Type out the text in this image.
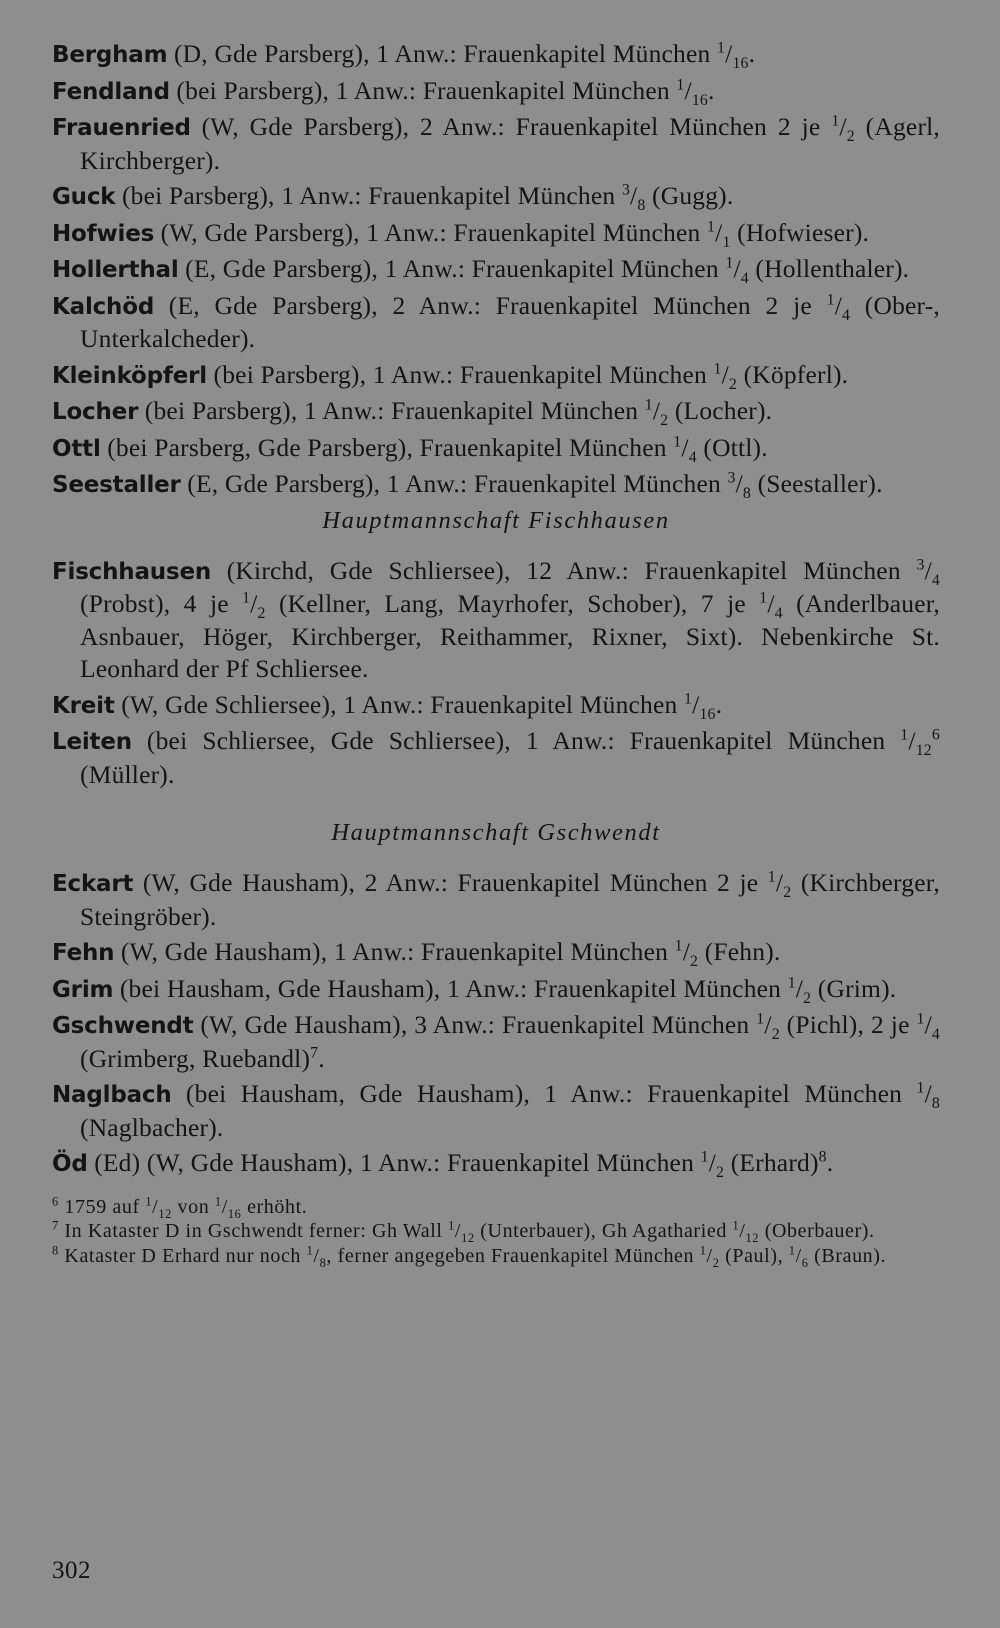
Bergham (D, Gde Parsberg), 1 Anw.: Frauenkapitel München $^1/_{16}$.

Fendland (bei Parsberg), 1 Anw.: Frauenkapitel München $^1/_{16}$.

Frauenried (W, Gde Parsberg), 2 Anw.: Frauenkapitel München 2 je $^1/_2$ (Agerl, Kirchberger).

Guck (bei Parsberg), 1 Anw.: Frauenkapitel München $^3/_8$ (Gugg).

Hofwies (W, Gde Parsberg), 1 Anw.: Frauenkapitel München $^1/_1$ (Hofwieser).

Hollerthal (E, Gde Parsberg), 1 Anw.: Frauenkapitel München $^1/_4$ (Hollenthaler).

Kalchöd (E, Gde Parsberg), 2 Anw.: Frauenkapitel München 2 je $^1/_4$ (Ober-, Unterkalcheder).

Kleinköpferl (bei Parsberg), 1 Anw.: Frauenkapitel München $^1/_2$ (Köpferl).

Locher (bei Parsberg), 1 Anw.: Frauenkapitel München $^1/_2$ (Locher).

Ottl (bei Parsberg, Gde Parsberg), Frauenkapitel München $^1/_4$ (Ottl).

Seestaller (E, Gde Parsberg), 1 Anw.: Frauenkapitel München $^3/_8$ (Seestaller).

Hauptmannschaft Fischhausen

Fischhausen (Kirchd, Gde Schliersee), 12 Anw.: Frauenkapitel München $^3/_4$ (Probst), 4 je $^1/_2$ (Kellner, Lang, Mayrhofer, Schober), 7 je $^1/_4$ (Anderlbauer, Asnbauer, Höger, Kirchberger, Reithammer, Rixner, Sixt). Nebenkirche St. Leonhard der Pf Schliersee.

Kreit (W, Gde Schliersee), 1 Anw.: Frauenkapitel München $^1/_{16}$.

Leiten (bei Schliersee, Gde Schliersee), 1 Anw.: Frauenkapitel München $^1/_{12}^6$ (Müller).

Hauptmannschaft Gschwendt

Eckart (W, Gde Hausham), 2 Anw.: Frauenkapitel München 2 je $^1/_2$ (Kirchberger, Steingröber).

Fehn (W, Gde Hausham), 1 Anw.: Frauenkapitel München $^1/_2$ (Fehn).

Grim (bei Hausham, Gde Hausham), 1 Anw.: Frauenkapitel München $^1/_2$ (Grim).

Gschwendt (W, Gde Hausham), 3 Anw.: Frauenkapitel München $^1/_2$ (Pichl), 2 je $^1/_4$ (Grimberg, Ruebandl)$^7$.

Naglbach (bei Hausham, Gde Hausham), 1 Anw.: Frauenkapitel München $^1/_8$ (Naglbacher).

Öd (Ed) (W, Gde Hausham), 1 Anw.: Frauenkapitel München $^1/_2$ (Erhard)$^8$.

$^6$ 1759 auf $^1/_{12}$ von $^1/_{16}$ erhöht.

$^7$ In Kataster D in Gschwendt ferner: Gh Wall $^1/_{12}$ (Unterbauer), Gh Agatharied $^1/_{12}$ (Oberbauer).

$^8$ Kataster D Erhard nur noch $^1/_8$, ferner angegeben Frauenkapitel München $^1/_2$ (Paul), $^1/_6$ (Braun).

302
